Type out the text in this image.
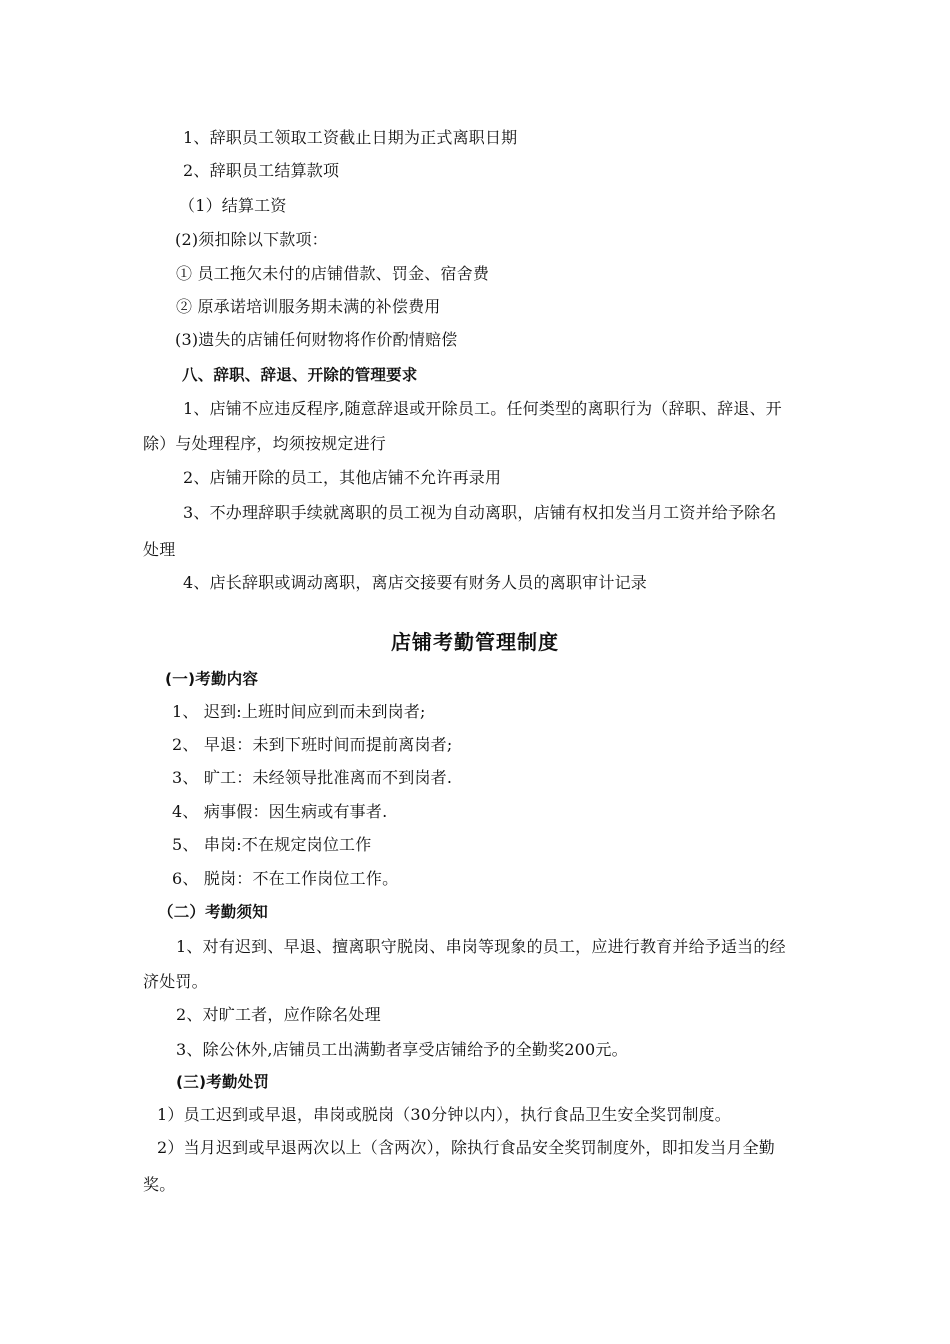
1、辞职员工领取工资截止日期为正式离职日期
2、辞职员工结算款项
（1）结算工资
(2)须扣除以下款项：
① 员工拖欠未付的店铺借款、罚金、宿舍费
② 原承诺培训服务期未满的补偿费用
(3)遗失的店铺任何财物将作价酌情赔偿
八、辞职、辞退、开除的管理要求
1、店铺不应违反程序,随意辞退或开除员工。任何类型的离职行为（辞职、辞退、开
除）与处理程序，均须按规定进行
2、店铺开除的员工，其他店铺不允许再录用
3、不办理辞职手续就离职的员工视为自动离职，店铺有权扣发当月工资并给予除名
处理
4、店长辞职或调动离职，离店交接要有财务人员的离职审计记录
店铺考勤管理制度
(一)考勤内容
1、 迟到:上班时间应到而未到岗者;
2、 早退：未到下班时间而提前离岗者;
3、 旷工：未经领导批准离而不到岗者.
4、 病事假：因生病或有事者.
5、 串岗:不在规定岗位工作
6、 脱岗：不在工作岗位工作。
（二）考勤须知
1、对有迟到、早退、擅离职守脱岗、串岗等现象的员工，应进行教育并给予适当的经
济处罚。
2、对旷工者，应作除名处理
3、除公休外,店铺员工出满勤者享受店铺给予的全勤奖200元。
(三)考勤处罚
1）员工迟到或早退，串岗或脱岗（30分钟以内），执行食品卫生安全奖罚制度。
2）当月迟到或早退两次以上（含两次），除执行食品安全奖罚制度外，即扣发当月全勤
奖。
